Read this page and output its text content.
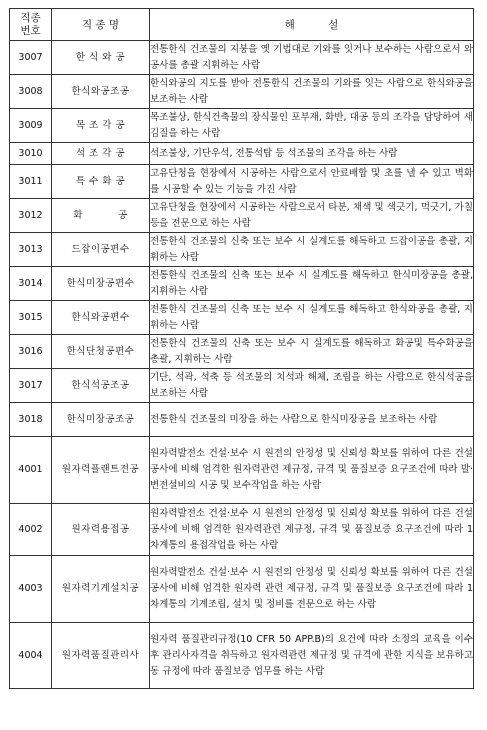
직종
번호	직 종 명	해          설
3007	한 식 와 공	전통한식 건조물의 지붕을 옛 기법대로 기와를 잇거나 보수하는 사람으로서 와공사를 총괄 지휘하는 사람
3008	한식와공조공	한식와공의 지도를 받아 전통한식 건조물의 기와를 잇는 사람으로 한식와공을 보조하는 사람
3009	목 조 각 공	목조불상, 한식건축물의 장식물인 포부재, 화반, 대공 등의 조각을 담당하여 새김질을 하는 사람
3010	석 조 각 공	석조불상, 기단우석, 전통석탑 등 석조물의 조각을 하는 사람
3011	특 수 화 공	고유단청을 현장에서 시공하는 사람으로서 안료배합 및 초를 낼 수 있고 벽화를 시공할 수 있는 기능을 가진 사람
3012	화          공	고유단청을 현장에서 시공하는 사람으로서 타분, 채색 및 색긋기, 먹긋기, 가칠 등을 전문으로 하는 사람
3013	드잡이공편수	전통한식 건조물의 신축 또는 보수 시 실계도를 해독하고 드잡이공을 총괄, 지휘하는 사람
3014	한식미장공편수	전통한식 건조물의 신축 또는 보수 시 실계도를 해독하고 한식미장공을 총괄, 지휘하는 사람
3015	한식와공편수	전통한식 건조물의 신축 또는 보수 시 실계도를 해독하고 한식와공을 총괄, 지휘하는 사람
3016	한식단청공편수	전통한식 건조물의 신축 또는 보수 시 실계도를 해독하고 화공및 특수화공을 총괄, 지휘하는 사람
3017	한식석공조공	기단, 석곽, 석축 등 석조물의 치석과 해체, 조립을 하는 사람으로 한식석공을 보조하는 사람
3018	한식미장공조공	전통한식 건조물의 미장을 하는 사람으로 한식미장공을 보조하는 사람
4001	원자력플랜트전공	원자력발전소 건설·보수 시 원전의 안정성 및 신뢰성 확보를 위하여 다른 건설공사에 비해 엄격한 원자력관련 제규정, 규격 및 품질보증 요구조건에 따라 발·변전설비의 시공 및 보수작업을 하는 사람
4002	원자력용접공	원자력발전소 건설·보수 시 원전의 안정성 및 신뢰성 확보를 위하여 다른 건설공사에 비해 엄격한 원자력관련 제규정, 규격 및 품질보증 요구조건에 따라 1차계통의 용접작업을 하는 사람
4003	원자력기계설치공	원자력발전소 건설·보수 시 원전의 안정성 및 신뢰성 확보를 위하여 다른 건설공사에 비해 엄격한 원자력 관련 제규정, 규격 및 품질보증 요구조건에 따라 1차계통의 기계조립, 설치 및 정비를 전문으로 하는 사람
4004	원자력품질관리사	원자력 품질관리규정(10 CFR 50 APP.B)의 요건에 따라 소정의 교육을 이수 후 관리사자격을 취득하고 원자력관련 제규정 및 규격에 관한 지식을 보유하고 동 규정에 따라 품질보증 업무를 하는 사람
